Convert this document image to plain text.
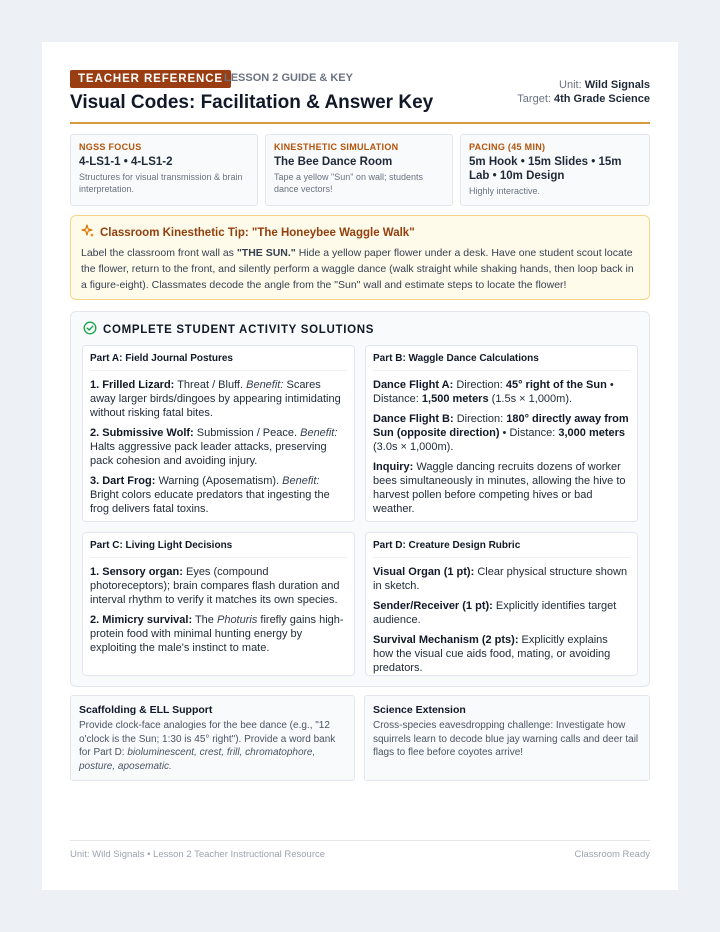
TEACHER REFERENCE LESSON 2 GUIDE & KEY
Visual Codes: Facilitation & Answer Key
Unit: Wild Signals
Target: 4th Grade Science
NGSS FOCUS
4-LS1-1 • 4-LS1-2
Structures for visual transmission & brain interpretation.
KINESTHETIC SIMULATION
The Bee Dance Room
Tape a yellow "Sun" on wall; students dance vectors!
PACING (45 MIN)
5m Hook • 15m Slides • 15m Lab • 10m Design
Highly interactive.
Classroom Kinesthetic Tip: "The Honeybee Waggle Walk"
Label the classroom front wall as "THE SUN." Hide a yellow paper flower under a desk. Have one student scout locate the flower, return to the front, and silently perform a waggle dance (walk straight while shaking hands, then loop back in a figure-eight). Classmates decode the angle from the "Sun" wall and estimate steps to locate the flower!
COMPLETE STUDENT ACTIVITY SOLUTIONS
Part A: Field Journal Postures
1. Frilled Lizard: Threat / Bluff. Benefit: Scares away larger birds/dingoes by appearing intimidating without risking fatal bites.
2. Submissive Wolf: Submission / Peace. Benefit: Halts aggressive pack leader attacks, preserving pack cohesion and avoiding injury.
3. Dart Frog: Warning (Aposematism). Benefit: Bright colors educate predators that ingesting the frog delivers fatal toxins.
Part B: Waggle Dance Calculations
Dance Flight A: Direction: 45° right of the Sun • Distance: 1,500 meters (1.5s × 1,000m).
Dance Flight B: Direction: 180° directly away from Sun (opposite direction) • Distance: 3,000 meters (3.0s × 1,000m).
Inquiry: Waggle dancing recruits dozens of worker bees simultaneously in minutes, allowing the hive to harvest pollen before competing hives or bad weather.
Part C: Living Light Decisions
1. Sensory organ: Eyes (compound photoreceptors); brain compares flash duration and interval rhythm to verify it matches its own species.
2. Mimicry survival: The Photuris firefly gains high-protein food with minimal hunting energy by exploiting the male's instinct to mate.
Part D: Creature Design Rubric
Visual Organ (1 pt): Clear physical structure shown in sketch.
Sender/Receiver (1 pt): Explicitly identifies target audience.
Survival Mechanism (2 pts): Explicitly explains how the visual cue aids food, mating, or avoiding predators.
Scaffolding & ELL Support
Provide clock-face analogies for the bee dance (e.g., "12 o'clock is the Sun; 1:30 is 45° right"). Provide a word bank for Part D: bioluminescent, crest, frill, chromatophore, posture, aposematic.
Science Extension
Cross-species eavesdropping challenge: Investigate how squirrels learn to decode blue jay warning calls and deer tail flags to flee before coyotes arrive!
Unit: Wild Signals • Lesson 2 Teacher Instructional Resource	Classroom Ready
